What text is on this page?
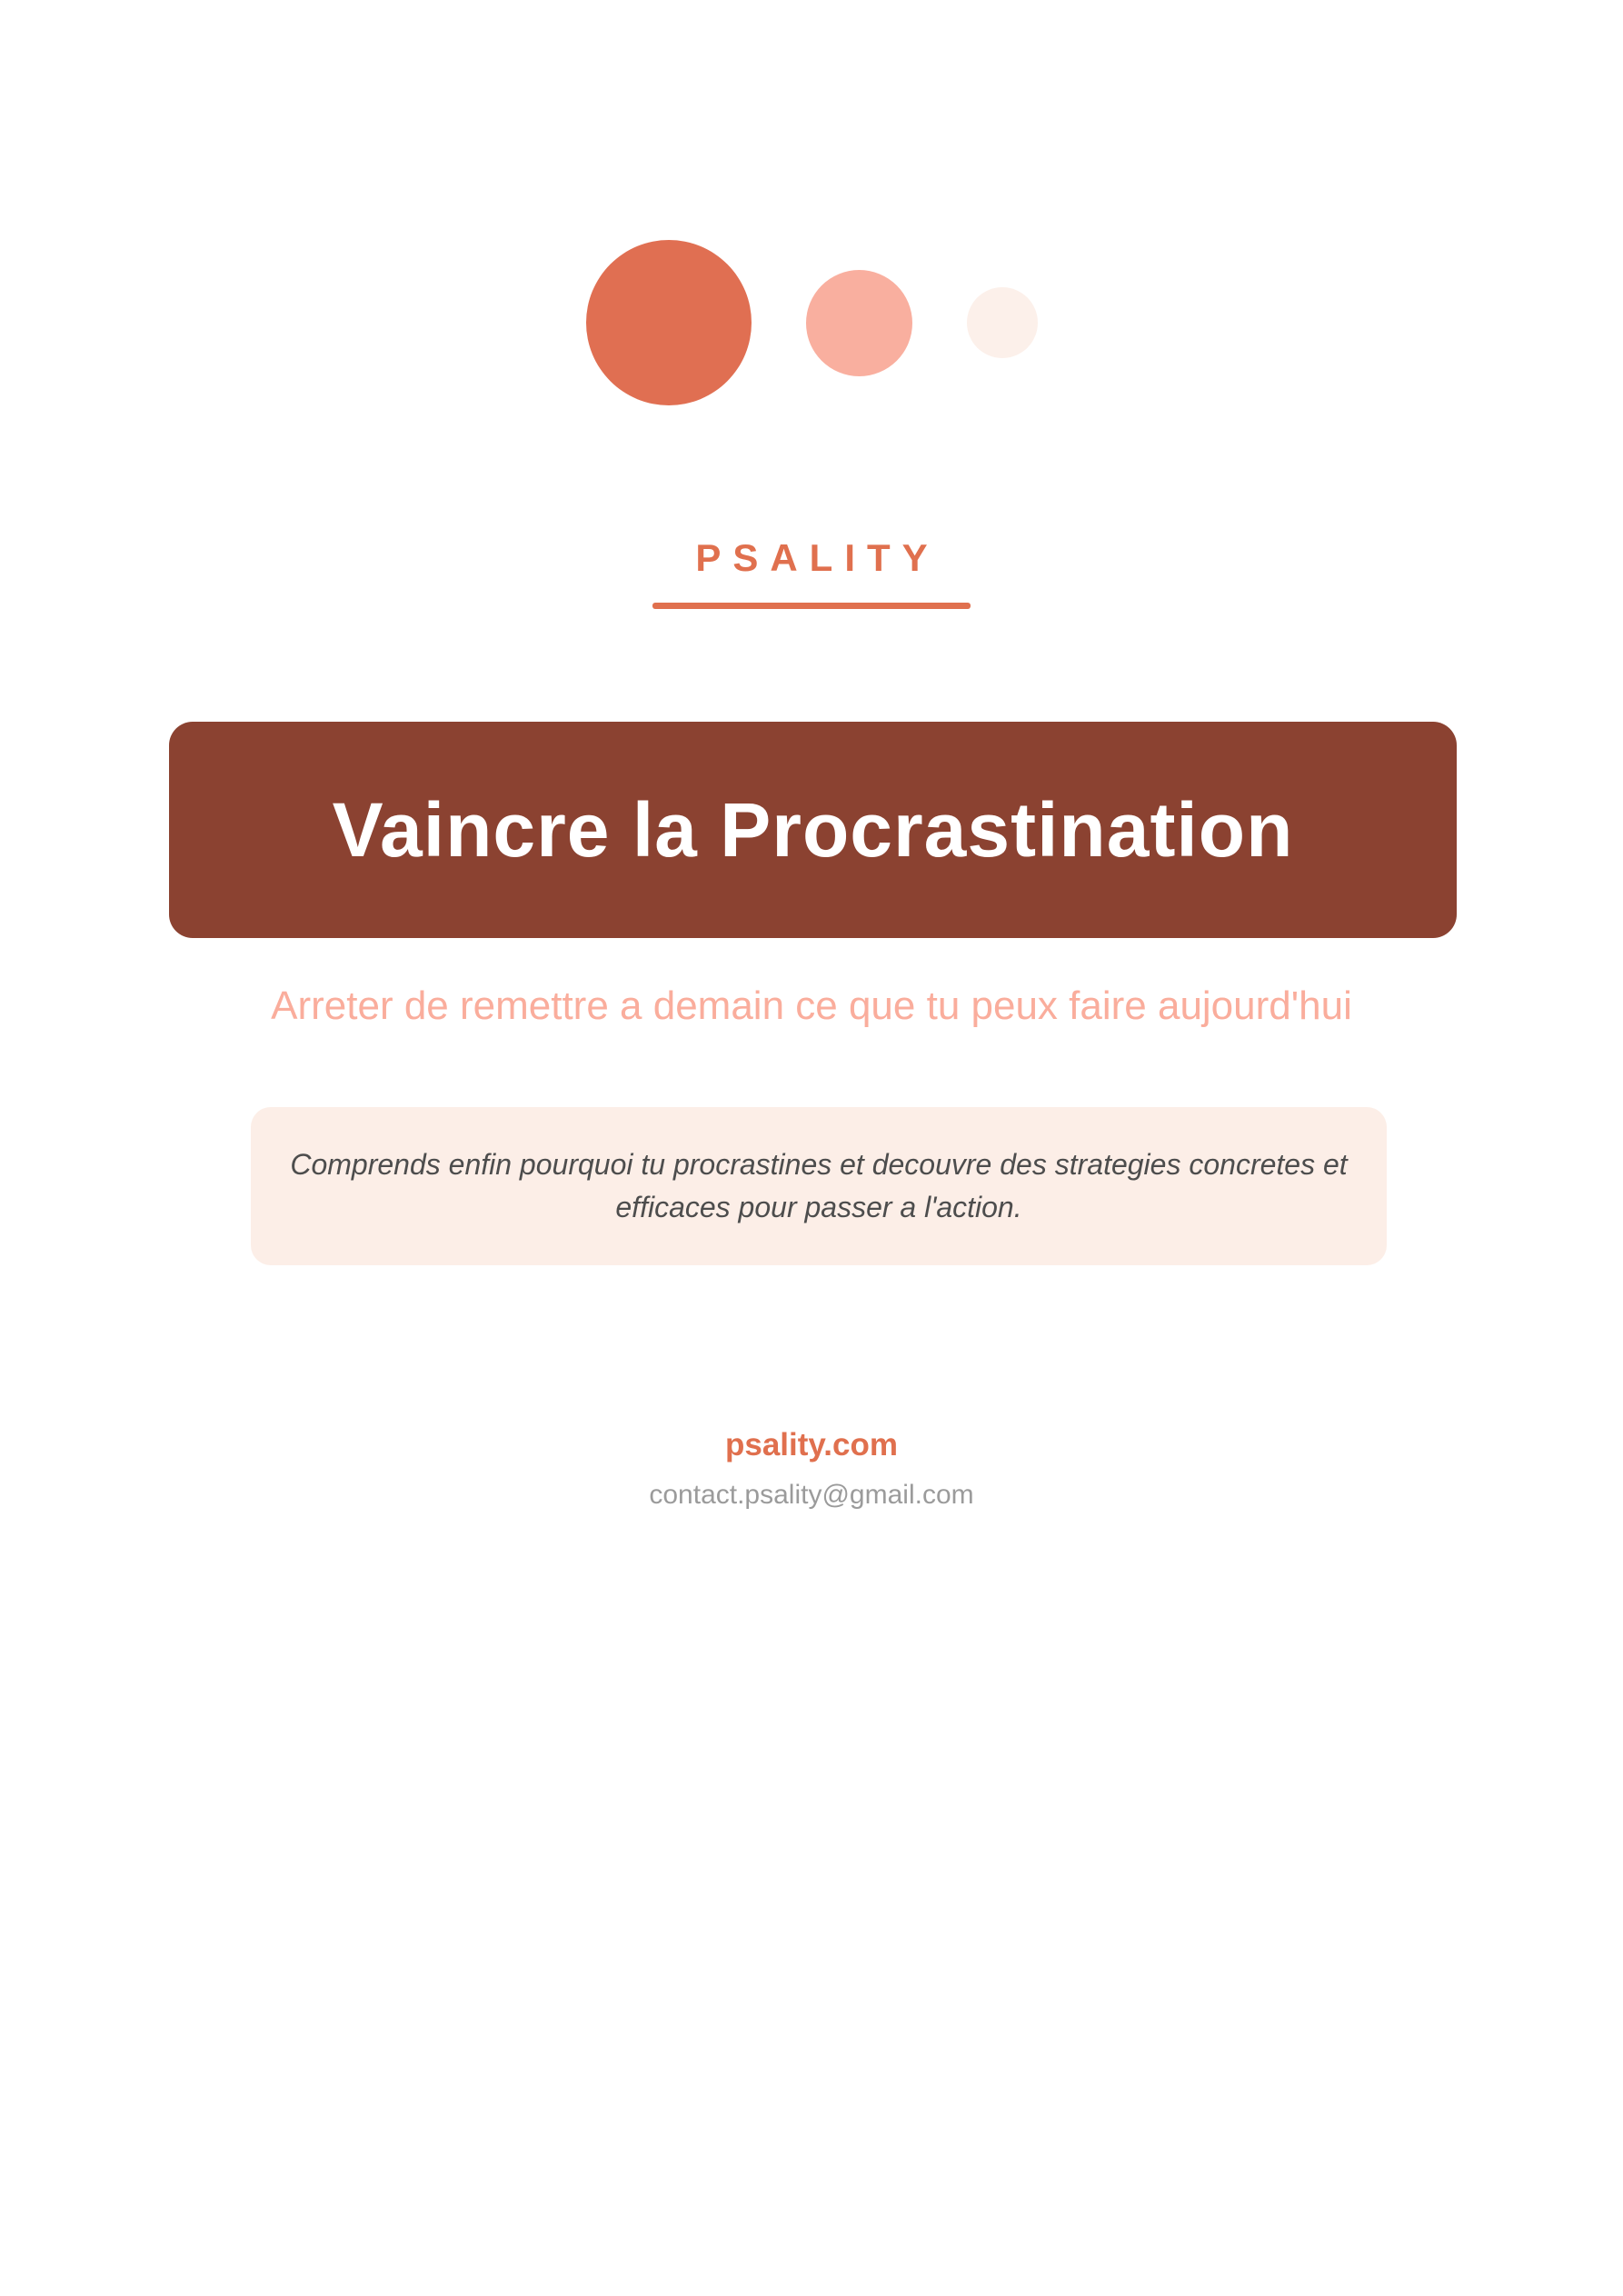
PSALITY
Vaincre la Procrastination

Arreter de remettre a demain ce que tu peux faire aujourd'hui

Comprends enfin pourquoi tu procrastines et decouvre des strategies concretes et efficaces pour passer a l'action.

psality.com
contact.psality@gmail.com
